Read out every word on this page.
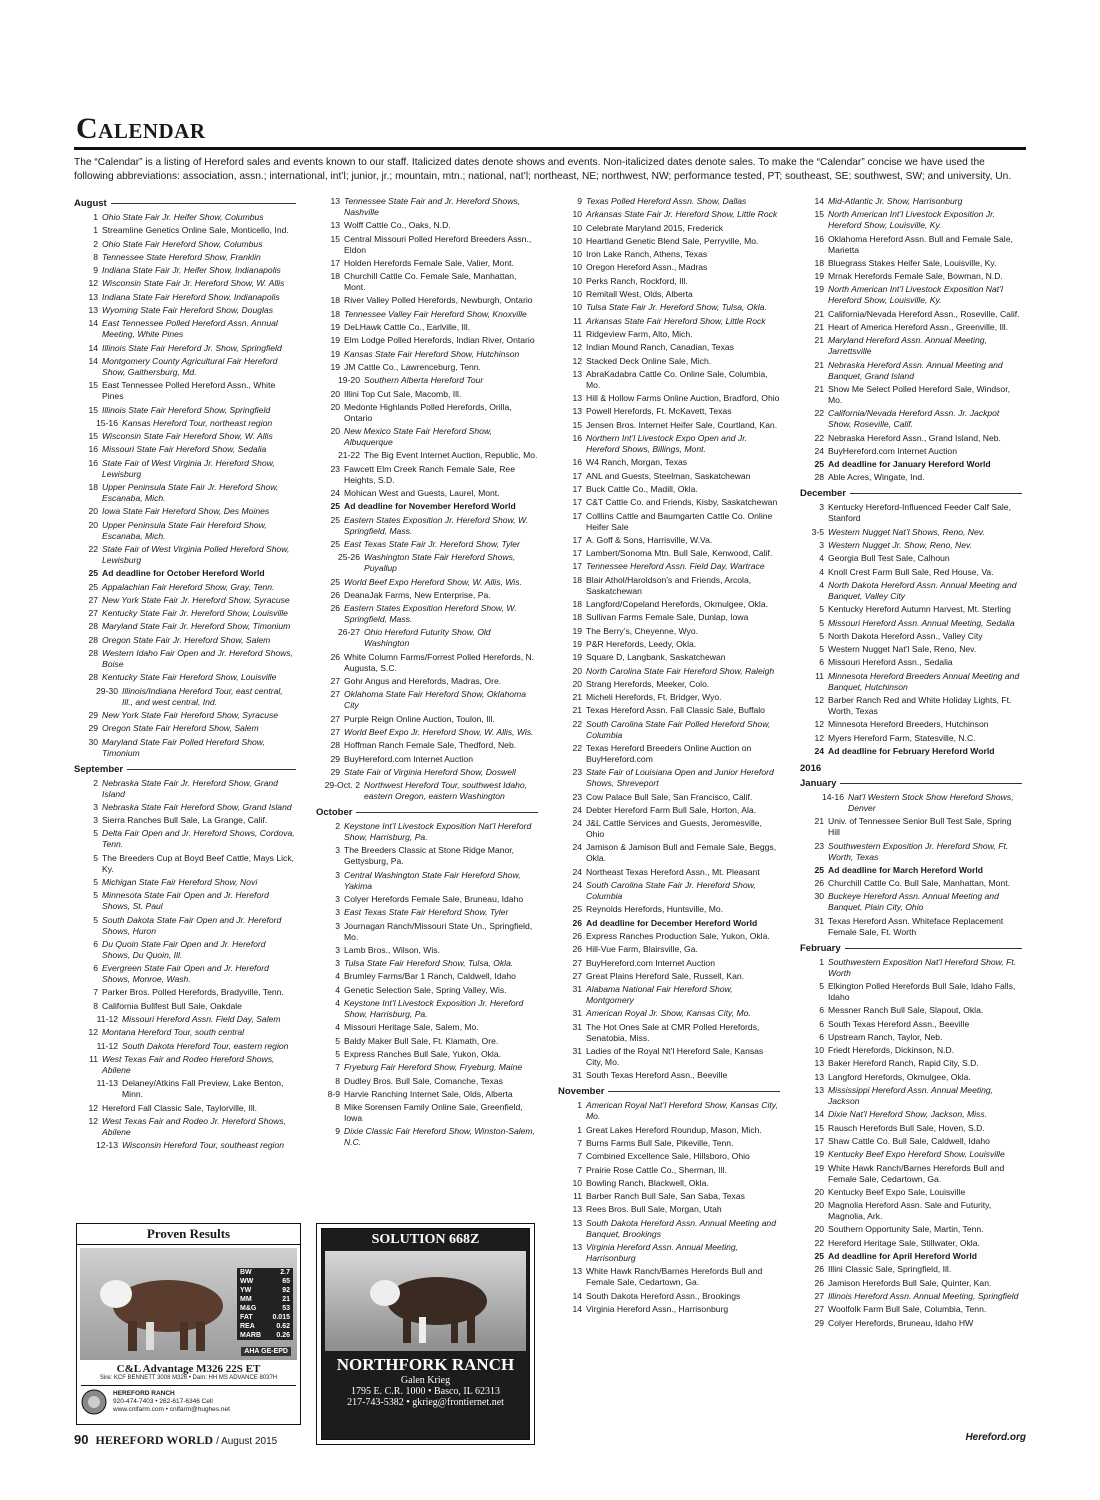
CALENDAR
The “Calendar” is a listing of Hereford sales and events known to our staff. Italicized dates denote shows and events. Non-italicized dates denote sales. To make the “Calendar” concise we have used the following abbreviations: association, assn.; international, int’l; junior, jr.; mountain, mtn.; national, nat’l; northeast, NE; northwest, NW; performance tested, PT; southeast, SE; southwest, SW; and university, Un.
August
1 Ohio State Fair Jr. Heifer Show, Columbus
1 Streamline Genetics Online Sale, Monticello, Ind.
2 Ohio State Fair Hereford Show, Columbus
8 Tennessee State Hereford Show, Franklin
9 Indiana State Fair Jr. Heifer Show, Indianapolis
12 Wisconsin State Fair Jr. Hereford Show, W. Allis
13 Indiana State Fair Hereford Show, Indianapolis
13 Wyoming State Fair Hereford Show, Douglas
14 East Tennessee Polled Hereford Assn. Annual Meeting, White Pines
14 Illinois State Fair Hereford Jr. Show, Springfield
14 Montgomery County Agricultural Fair Hereford Show, Gaithersburg, Md.
15 East Tennessee Polled Hereford Assn., White Pines
15 Illinois State Fair Hereford Show, Springfield
15-16 Kansas Hereford Tour, northeast region
15 Wisconsin State Fair Hereford Show, W. Allis
16 Missouri State Fair Hereford Show, Sedalia
16 State Fair of West Virginia Jr. Hereford Show, Lewisburg
18 Upper Peninsula State Fair Jr. Hereford Show, Escanaba, Mich.
20 Iowa State Fair Hereford Show, Des Moines
20 Upper Peninsula State Fair Hereford Show, Escanaba, Mich.
22 State Fair of West Virginia Polled Hereford Show, Lewisburg
25 Ad deadline for October Hereford World
25 Appalachian Fair Hereford Show, Gray, Tenn.
27 New York State Fair Jr. Hereford Show, Syracuse
27 Kentucky State Fair Jr. Hereford Show, Louisville
28 Maryland State Fair Jr. Hereford Show, Timonium
28 Oregon State Fair Jr. Hereford Show, Salem
28 Western Idaho Fair Open and Jr. Hereford Shows, Boise
28 Kentucky State Fair Hereford Show, Louisville
29-30 Illinois/Indiana Hereford Tour, east central, Ill., and west central, Ind.
29 New York State Fair Hereford Show, Syracuse
29 Oregon State Fair Hereford Show, Salem
30 Maryland State Fair Polled Hereford Show, Timonium
September
2 Nebraska State Fair Jr. Hereford Show, Grand Island
3 Nebraska State Fair Hereford Show, Grand Island
3 Sierra Ranches Bull Sale, La Grange, Calif.
5 Delta Fair Open and Jr. Hereford Shows, Cordova, Tenn.
5 The Breeders Cup at Boyd Beef Cattle, Mays Lick, Ky.
5 Michigan State Fair Hereford Show, Novi
5 Minnesota State Fair Open and Jr. Hereford Shows, St. Paul
5 South Dakota State Fair Open and Jr. Hereford Shows, Huron
6 Du Quoin State Fair Open and Jr. Hereford Shows, Du Quoin, Ill.
6 Evergreen State Fair Open and Jr. Hereford Shows, Monroe, Wash.
7 Parker Bros. Polled Herefords, Bradyville, Tenn.
8 California Bullfest Bull Sale, Oakdale
11-12 Missouri Hereford Assn. Field Day, Salem
12 Montana Hereford Tour, south central
11-12 South Dakota Hereford Tour, eastern region
11 West Texas Fair and Rodeo Hereford Shows, Abilene
11-13 Delaney/Atkins Fall Preview, Lake Benton, Minn.
12 Hereford Fall Classic Sale, Taylorville, Ill.
12 West Texas Fair and Rodeo Jr. Hereford Shows, Abilene
12-13 Wisconsin Hereford Tour, southeast region
13 Tennessee State Fair and Jr. Hereford Shows, Nashville
13 Wolff Cattle Co., Oaks, N.D.
15 Central Missouri Polled Hereford Breeders Assn., Eldon
17 Holden Herefords Female Sale, Valier, Mont.
18 Churchill Cattle Co. Female Sale, Manhattan, Mont.
18 River Valley Polled Herefords, Newburgh, Ontario
18 Tennessee Valley Fair Hereford Show, Knoxville
19 DeLHawk Cattle Co., Earlville, Ill.
19 Elm Lodge Polled Herefords, Indian River, Ontario
19 Kansas State Fair Hereford Show, Hutchinson
19 JM Cattle Co., Lawrenceburg, Tenn.
19-20 Southern Alberta Hereford Tour
20 Illini Top Cut Sale, Macomb, Ill.
20 Medonte Highlands Polled Herefords, Orilla, Ontario
20 New Mexico State Fair Hereford Show, Albuquerque
21-22 The Big Event Internet Auction, Republic, Mo.
23 Fawcett Elm Creek Ranch Female Sale, Ree Heights, S.D.
24 Mohican West and Guests, Laurel, Mont.
25 Ad deadline for November Hereford World
25 Eastern States Exposition Jr. Hereford Show, W. Springfield, Mass.
25 East Texas State Fair Jr. Hereford Show, Tyler
25-26 Washington State Fair Hereford Shows, Puyallup
25 World Beef Expo Hereford Show, W. Allis, Wis.
26 DeanaJak Farms, New Enterprise, Pa.
26 Eastern States Exposition Hereford Show, W. Springfield, Mass.
26-27 Ohio Hereford Futurity Show, Old Washington
26 White Column Farms/Forrest Polled Herefords, N. Augusta, S.C.
27 Gohr Angus and Herefords, Madras, Ore.
27 Oklahoma State Fair Hereford Show, Oklahoma City
27 Purple Reign Online Auction, Toulon, Ill.
27 World Beef Expo Jr. Hereford Show, W. Allis, Wis.
28 Hoffman Ranch Female Sale, Thedford, Neb.
29 BuyHereford.com Internet Auction
29 State Fair of Virginia Hereford Show, Doswell
29-Oct. 2 Northwest Hereford Tour, southwest Idaho, eastern Oregon, eastern Washington
October
2 Keystone Int’l Livestock Exposition Nat’l Hereford Show, Harrisburg, Pa.
3 The Breeders Classic at Stone Ridge Manor, Gettysburg, Pa.
3 Central Washington State Fair Hereford Show, Yakima
3 Colyer Herefords Female Sale, Bruneau, Idaho
3 East Texas State Fair Hereford Show, Tyler
3 Journagan Ranch/Missouri State Un., Springfield, Mo.
3 Lamb Bros., Wilson, Wis.
3 Tulsa State Fair Hereford Show, Tulsa, Okla.
4 Brumley Farms/Bar 1 Ranch, Caldwell, Idaho
4 Genetic Selection Sale, Spring Valley, Wis.
4 Keystone Int’l Livestock Exposition Jr. Hereford Show, Harrisburg, Pa.
4 Missouri Heritage Sale, Salem, Mo.
5 Baldy Maker Bull Sale, Ft. Klamath, Ore.
5 Express Ranches Bull Sale, Yukon, Okla.
7 Fryeburg Fair Hereford Show, Fryeburg, Maine
8 Dudley Bros. Bull Sale, Comanche, Texas
8-9 Harvie Ranching Internet Sale, Olds, Alberta
8 Mike Sorensen Family Online Sale, Greenfield, Iowa
9 Dixie Classic Fair Hereford Show, Winston-Salem, N.C.
9 Texas Polled Hereford Assn. Show, Dallas
10 Arkansas State Fair Jr. Hereford Show, Little Rock
10 Celebrate Maryland 2015, Frederick
10 Heartland Genetic Blend Sale, Perryville, Mo.
10 Iron Lake Ranch, Athens, Texas
10 Oregon Hereford Assn., Madras
10 Perks Ranch, Rockford, Ill.
10 Remitall West, Olds, Alberta
10 Tulsa State Fair Jr. Hereford Show, Tulsa, Okla.
11 Arkansas State Fair Hereford Show, Little Rock
11 Ridgeview Farm, Alto, Mich.
12 Indian Mound Ranch, Canadian, Texas
12 Stacked Deck Online Sale, Mich.
13 AbraKadabra Cattle Co. Online Sale, Columbia, Mo.
13 Hill & Hollow Farms Online Auction, Bradford, Ohio
13 Powell Herefords, Ft. McKavett, Texas
15 Jensen Bros. Internet Heifer Sale, Courtland, Kan.
16 Northern Int’l Livestock Expo Open and Jr. Hereford Shows, Billings, Mont.
16 W4 Ranch, Morgan, Texas
17 ANL and Guests, Steelman, Saskatchewan
17 Buck Cattle Co., Madill, Okla.
17 C&T Cattle Co. and Friends, Kisby, Saskatchewan
17 Colllins Cattle and Baumgarten Cattle Co. Online Heifer Sale
17 A. Goff & Sons, Harrisville, W.Va.
17 Lambert/Sonoma Mtn. Bull Sale, Kenwood, Calif.
17 Tennessee Hereford Assn. Field Day, Wartrace
18 Blair Athol/Haroldson’s and Friends, Arcola, Saskatchewan
18 Langford/Copeland Herefords, Okmulgee, Okla.
18 Sullivan Farms Female Sale, Dunlap, Iowa
19 The Berry’s, Cheyenne, Wyo.
19 P&R Herefords, Leedy, Okla.
19 Square D, Langbank, Saskatchewan
20 North Carolina State Fair Hereford Show, Raleigh
20 Strang Herefords, Meeker, Colo.
21 Micheli Herefords, Ft. Bridger, Wyo.
21 Texas Hereford Assn. Fall Classic Sale, Buffalo
22 South Carolina State Fair Polled Hereford Show, Columbia
22 Texas Hereford Breeders Online Auction on BuyHereford.com
23 State Fair of Louisiana Open and Junior Hereford Shows, Shreveport
23 Cow Palace Bull Sale, San Francisco, Calif.
24 Debter Hereford Farm Bull Sale, Horton, Ala.
24 J&L Cattle Services and Guests, Jeromesville, Ohio
24 Jamison & Jamison Bull and Female Sale, Beggs, Okla.
24 Northeast Texas Hereford Assn., Mt. Pleasant
24 South Carolina State Fair Jr. Hereford Show, Columbia
25 Reynolds Herefords, Huntsville, Mo.
26 Ad deadline for December Hereford World
26 Express Ranches Production Sale, Yukon, Okla.
26 Hill-Vue Farm, Blairsville, Ga.
27 BuyHereford.com Internet Auction
27 Great Plains Hereford Sale, Russell, Kan.
31 Alabama National Fair Hereford Show, Montgomery
31 American Royal Jr. Show, Kansas City, Mo.
31 The Hot Ones Sale at CMR Polled Herefords, Senatobia, Miss.
31 Ladies of the Royal Nt’l Hereford Sale, Kansas City, Mo.
31 South Texas Hereford Assn., Beeville
November
1 American Royal Nat’l Hereford Show, Kansas City, Mo.
1 Great Lakes Hereford Roundup, Mason, Mich.
7 Burns Farms Bull Sale, Pikeville, Tenn.
7 Combined Excellence Sale, Hillsboro, Ohio
7 Prairie Rose Cattle Co., Sherman, Ill.
10 Bowling Ranch, Blackwell, Okla.
11 Barber Ranch Bull Sale, San Saba, Texas
13 Rees Bros. Bull Sale, Morgan, Utah
13 South Dakota Hereford Assn. Annual Meeting and Banquet, Brookings
13 Virginia Hereford Assn. Annual Meeting, Harrisonburg
13 White Hawk Ranch/Barnes Herefords Bull and Female Sale, Cedartown, Ga.
14 South Dakota Hereford Assn., Brookings
14 Virginia Hereford Assn., Harrisonburg
14 Mid-Atlantic Jr. Show, Harrisonburg
15 North American Int’l Livestock Exposition Jr. Hereford Show, Louisville, Ky.
16 Oklahoma Hereford Assn. Bull and Female Sale, Marietta
18 Bluegrass Stakes Heifer Sale, Louisville, Ky.
19 Mrnak Herefords Female Sale, Bowman, N.D.
19 North American Int’l Livestock Exposition Nat’l Hereford Show, Louisville, Ky.
21 California/Nevada Hereford Assn., Roseville, Calif.
21 Heart of America Hereford Assn., Greenville, Ill.
21 Maryland Hereford Assn. Annual Meeting, Jarrettsville
21 Nebraska Hereford Assn. Annual Meeting and Banquet, Grand Island
21 Show Me Select Polled Hereford Sale, Windsor, Mo.
22 California/Nevada Hereford Assn. Jr. Jackpot Show, Roseville, Calif.
22 Nebraska Hereford Assn., Grand Island, Neb.
24 BuyHereford.com Internet Auction
25 Ad deadline for January Hereford World
28 Able Acres, Wingate, Ind.
December
3 Kentucky Hereford-Influenced Feeder Calf Sale, Stanford
3-5 Western Nugget Nat’l Shows, Reno, Nev.
3 Western Nugget Jr. Show, Reno, Nev.
4 Georgia Bull Test Sale, Calhoun
4 Knoll Crest Farm Bull Sale, Red House, Va.
4 North Dakota Hereford Assn. Annual Meeting and Banquet, Valley City
5 Kentucky Hereford Autumn Harvest, Mt. Sterling
5 Missouri Hereford Assn. Annual Meeting, Sedalia
5 North Dakota Hereford Assn., Valley City
5 Western Nugget Nat’l Sale, Reno, Nev.
6 Missouri Hereford Assn., Sedalia
11 Minnesota Hereford Breeders Annual Meeting and Banquet, Hutchinson
12 Barber Ranch Red and White Holiday Lights, Ft. Worth, Texas
12 Minnesota Hereford Breeders, Hutchinson
12 Myers Hereford Farm, Statesville, N.C.
24 Ad deadline for February Hereford World
2016
January
14-16 Nat’l Western Stock Show Hereford Shows, Denver
21 Univ. of Tennessee Senior Bull Test Sale, Spring Hill
23 Southwestern Exposition Jr. Hereford Show, Ft. Worth, Texas
25 Ad deadline for March Hereford World
26 Churchill Cattle Co. Bull Sale, Manhattan, Mont.
30 Buckeye Hereford Assn. Annual Meeting and Banquet, Plain City, Ohio
31 Texas Hereford Assn. Whiteface Replacement Female Sale, Ft. Worth
February
1 Southwestern Exposition Nat’l Hereford Show, Ft. Worth
5 Elkington Polled Herefords Bull Sale, Idaho Falls, Idaho
6 Messner Ranch Bull Sale, Slapout, Okla.
6 South Texas Hereford Assn., Beeville
6 Upstream Ranch, Taylor, Neb.
10 Friedt Herefords, Dickinson, N.D.
13 Baker Hereford Ranch, Rapid City, S.D.
13 Langford Herefords, Okmulgee, Okla.
13 Mississippi Hereford Assn. Annual Meeting, Jackson
14 Dixie Nat’l Hereford Show, Jackson, Miss.
15 Rausch Herefords Bull Sale, Hoven, S.D.
17 Shaw Cattle Co. Bull Sale, Caldwell, Idaho
19 Kentucky Beef Expo Hereford Show, Louisville
19 White Hawk Ranch/Barnes Herefords Bull and Female Sale, Cedartown, Ga.
20 Kentucky Beef Expo Sale, Louisville
20 Magnolia Hereford Assn. Sale and Futurity, Magnolia, Ark.
20 Southern Opportunity Sale, Martin, Tenn.
22 Hereford Heritage Sale, Stillwater, Okla.
25 Ad deadline for April Hereford World
26 Illini Classic Sale, Springfield, Ill.
26 Jamison Herefords Bull Sale, Quinter, Kan.
27 Illinois Hereford Assn. Annual Meeting, Springfield
27 Woolfolk Farm Bull Sale, Columbia, Tenn.
29 Colyer Herefords, Bruneau, Idaho HW
Proven Results
BW	2.7
WW	65
YW	92
MM	21
M&G	53
FAT	0.015
REA	0.62
MARB 0.26
AHA GE-EPD
C&L Advantage M326 22S ET
Sire: KCF BENNETT 3008 M326 • Dam: HH MS ADVANCE 8037H
HEREFORD RANCH
920-474-7403 • 262-617-6346 Cell
www.cnlfarm.com • cnlfarm@hughes.net
SOLUTION 668Z
NORTHFORK RANCH
Galen Krieg
1795 E. C.R. 1000 • Basco, IL 62313
217-743-5382 • gkrieg@frontiernet.net
90 HEREFORD WORLD / August 2015	Hereford.org
